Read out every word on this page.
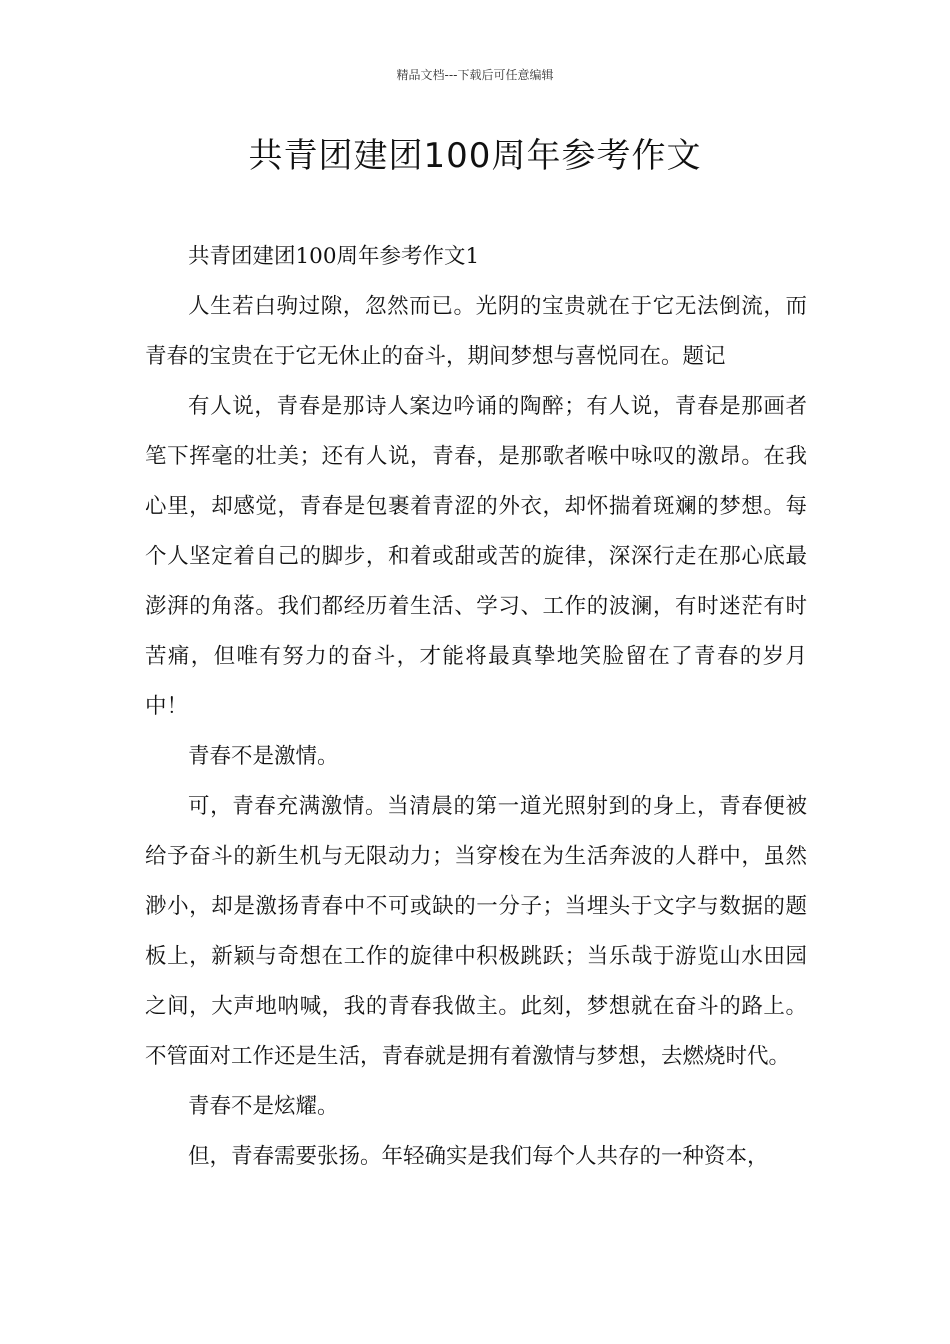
精品文档---下载后可任意编辑
共青团建团100周年参考作文

共青团建团100周年参考作文1

人生若白驹过隙，忽然而已。光阴的宝贵就在于它无法倒流，而青春的宝贵在于它无休止的奋斗，期间梦想与喜悦同在。题记

有人说，青春是那诗人案边吟诵的陶醉；有人说，青春是那画者笔下挥毫的壮美；还有人说，青春，是那歌者喉中咏叹的激昂。在我心里，却感觉，青春是包裹着青涩的外衣，却怀揣着斑斓的梦想。每个人坚定着自己的脚步，和着或甜或苦的旋律，深深行走在那心底最澎湃的角落。我们都经历着生活、学习、工作的波澜，有时迷茫有时苦痛，但唯有努力的奋斗，才能将最真挚地笑脸留在了青春的岁月中！

青春不是激情。

可，青春充满激情。当清晨的第一道光照射到的身上，青春便被给予奋斗的新生机与无限动力；当穿梭在为生活奔波的人群中，虽然渺小，却是激扬青春中不可或缺的一分子；当埋头于文字与数据的题板上，新颖与奇想在工作的旋律中积极跳跃；当乐哉于游览山水田园之间，大声地呐喊，我的青春我做主。此刻，梦想就在奋斗的路上。不管面对工作还是生活，青春就是拥有着激情与梦想，去燃烧时代。

青春不是炫耀。

但，青春需要张扬。年轻确实是我们每个人共存的一种资本，
